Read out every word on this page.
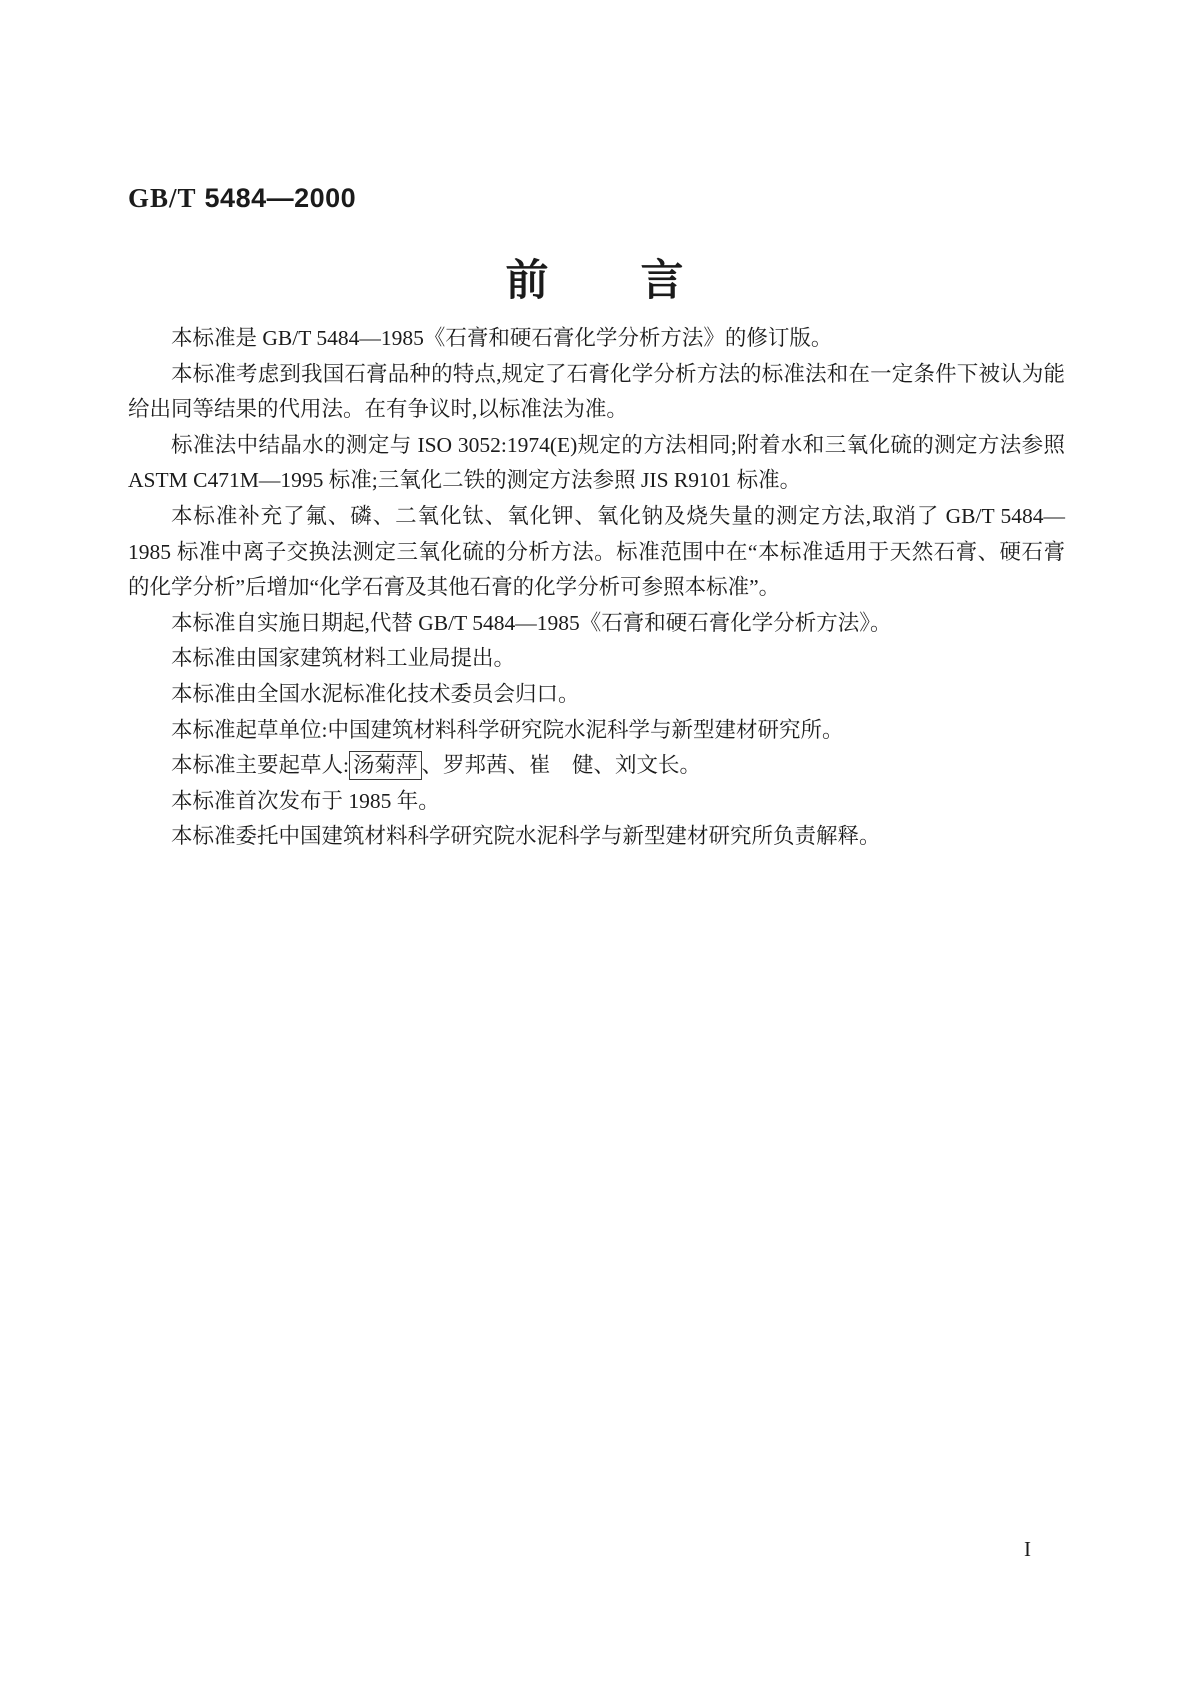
GB/T 5484—2000
前　　言

本标准是 GB/T 5484—1985《石膏和硬石膏化学分析方法》的修订版。

本标准考虑到我国石膏品种的特点,规定了石膏化学分析方法的标准法和在一定条件下被认为能给出同等结果的代用法。在有争议时,以标准法为准。

标准法中结晶水的测定与 ISO 3052:1974(E)规定的方法相同;附着水和三氧化硫的测定方法参照 ASTM C471M—1995 标准;三氧化二铁的测定方法参照 JIS R9101 标准。

本标准补充了氟、磷、二氧化钛、氧化钾、氧化钠及烧失量的测定方法,取消了 GB/T 5484—1985 标准中离子交换法测定三氧化硫的分析方法。标准范围中在“本标准适用于天然石膏、硬石膏的化学分析”后增加“化学石膏及其他石膏的化学分析可参照本标准”。

本标准自实施日期起,代替 GB/T 5484—1985《石膏和硬石膏化学分析方法》。

本标准由国家建筑材料工业局提出。

本标准由全国水泥标准化技术委员会归口。

本标准起草单位:中国建筑材料科学研究院水泥科学与新型建材研究所。

本标准主要起草人: 汤菊萍 、罗邦茜、崔　健、刘文长。

本标准首次发布于 1985 年。

本标准委托中国建筑材料科学研究院水泥科学与新型建材研究所负责解释。

I
